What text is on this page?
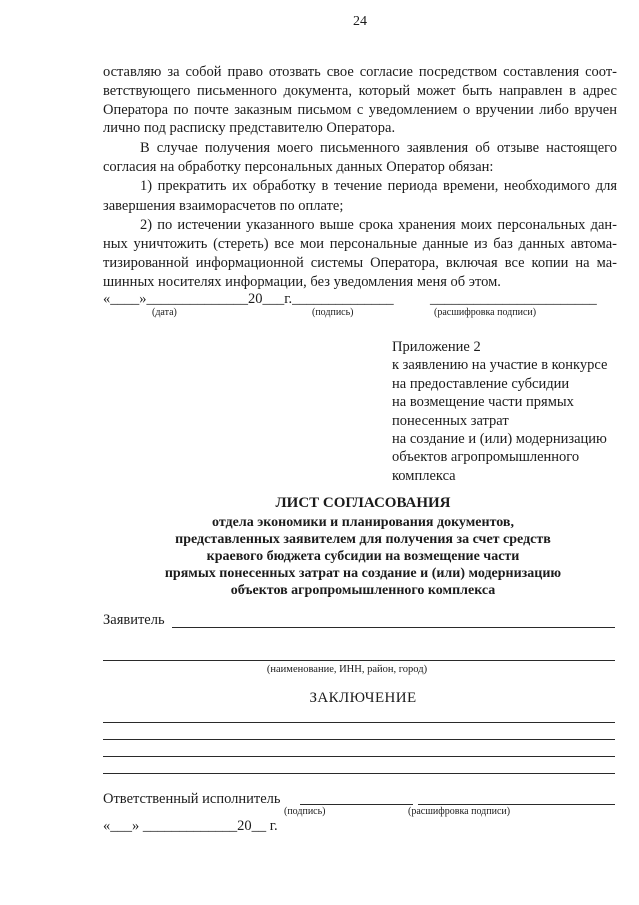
24
оставляю за собой право отозвать свое согласие посредством составления соот-
ветствующего письменного документа, который может быть направлен в адрес
Оператора по почте заказным письмом с уведомлением о вручении либо вручен
лично под расписку представителю Оператора.
В случае получения моего письменного заявления об отзыве настоящего
согласия на обработку персональных данных Оператор обязан:
1) прекратить их обработку в течение периода времени, необходимого для
завершения взаиморасчетов по оплате;
2) по истечении указанного выше срока хранения моих персональных дан-
ных уничтожить (стереть) все мои персональные данные из баз данных автома-
тизированной информационной системы Оператора, включая все копии на ма-
шинных носителях информации, без уведомления меня об этом.
«____»______________20___г.______________	_______________________
(дата)	(подпись)	(расшифровка подписи)
Приложение 2
к заявлению на участие в конкурсе
на предоставление субсидии
на возмещение части прямых
понесенных затрат
на создание и (или) модернизацию
объектов агропромышленного
комплекса
ЛИСТ СОГЛАСОВАНИЯ
отдела экономики и планирования документов,
представленных заявителем для получения за счет средств
краевого бюджета субсидии на возмещение части
прямых понесенных затрат на создание и (или) модернизацию
объектов агропромышленного комплекса
Заявитель
(наименование, ИНН, район, город)
ЗАКЛЮЧЕНИЕ
Ответственный исполнитель
(подпись)	(расшифровка подписи)
«___» _____________20__ г.
